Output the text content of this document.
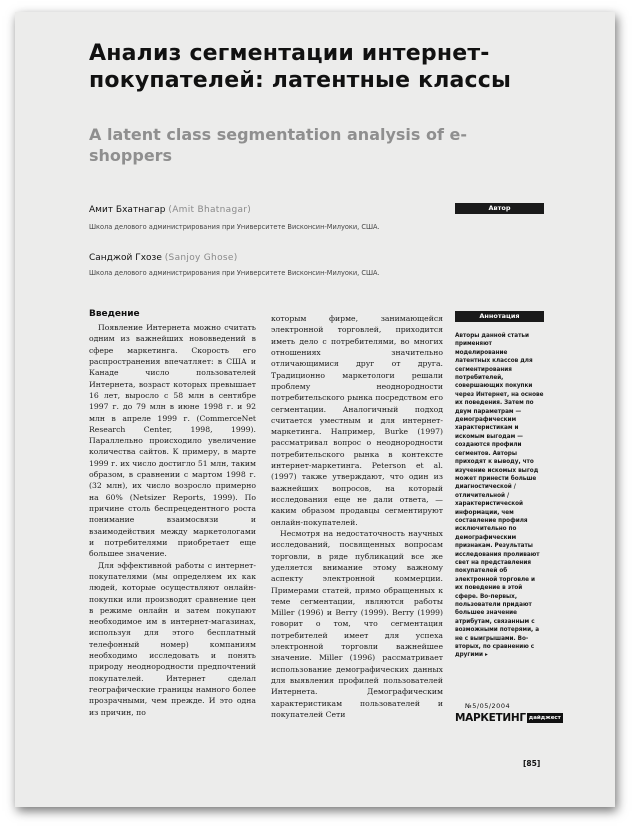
Анализ сегментации интернет-покупателей: латентные классы
A latent class segmentation analysis of e-shoppers
Амит Бхатнагар (Amit Bhatnagar)	Автор
Школа делового администрирования при Университете Висконсин-Милуоки, США.
Санджой Гхозе (Sanjoy Ghose)
Школа делового администрирования при Университете Висконсин-Милуоки, США.
Введение

Появление Интернета можно считать одним из важнейших нововведений в сфере маркетинга. Скорость его распространения впечатляет: в США и Канаде число пользователей Интернета, возраст которых превышает 16 лет, выросло с 58 млн в сентябре 1997 г. до 79 млн в июне 1998 г. и 92 млн в апреле 1999 г. (CommerceNet Research Center, 1998, 1999). Параллельно происходило увеличение количества сайтов. К примеру, в марте 1999 г. их число достигло 51 млн, таким образом, в сравнении с мартом 1998 г. (32 млн), их число возросло примерно на 60% (Netsizer Reports, 1999). По причине столь беспрецедентного роста понимание взаимосвязи и взаимодействия между маркетологами и потребителями приобретает еще большее значение.

Для эффективной работы с интернет-покупателями (мы определяем их как людей, которые осуществляют онлайн-покупки или производят сравнение цен в режиме онлайн и затем покупают необходимое им в интернет-магазинах, используя для этого бесплатный телефонный номер) компаниям необходимо исследовать и понять природу неоднородности предпочтений покупателей. Интернет сделал географические границы намного более прозрачными, чем прежде. И это одна из причин, по

которым фирме, занимающейся электронной торговлей, приходится иметь дело с потребителями, во многих отношениях значительно отличающимися друг от друга. Традиционно маркетологи решали проблему неоднородности потребительского рынка посредством его сегментации. Аналогичный подход считается уместным и для интернет-маркетинга. Например, Burke (1997) рассматривал вопрос о неоднородности потребительского рынка в контексте интернет-маркетинга. Peterson et al. (1997) также утверждают, что один из важнейших вопросов, на который исследования еще не дали ответа, — каким образом продавцы сегментируют онлайн-покупателей.

Несмотря на недостаточность научных исследований, посвященных вопросам торговли, в ряде публикаций все же уделяется внимание этому важному аспекту электронной коммерции. Примерами статей, прямо обращенных к теме сегментации, являются работы Miller (1996) и Berry (1999). Berry (1999) говорит о том, что сегментация потребителей имеет для успеха электронной торговли важнейшее значение. Miller (1996) рассматривает использование демографических данных для выявления профилей пользователей Интернета. Демографическим характеристикам пользователей и покупателей Сети

Аннотация

Авторы данной статьи применяют моделирование латентных классов для сегментирования потребителей, совершающих покупки через Интернет, на основе их поведения. Затем по двум параметрам — демографическим характеристикам и искомым выгодам — создаются профили сегментов. Авторы приходят к выводу, что изучение искомых выгод может принести больше диагностической / отличительной / характеристической информации, чем составление профиля исключительно по демографическим признакам. Результаты исследования проливают свет на представления покупателей об электронной торговле и их поведение в этой сфере. Во-первых, пользователи придают большее значение атрибутам, связанным с возможными потерями, а не с выигрышами. Во-вторых, по сравнению с другими ▸

№5/05/2004
МАРКЕТИНГ дайджест
[85]
